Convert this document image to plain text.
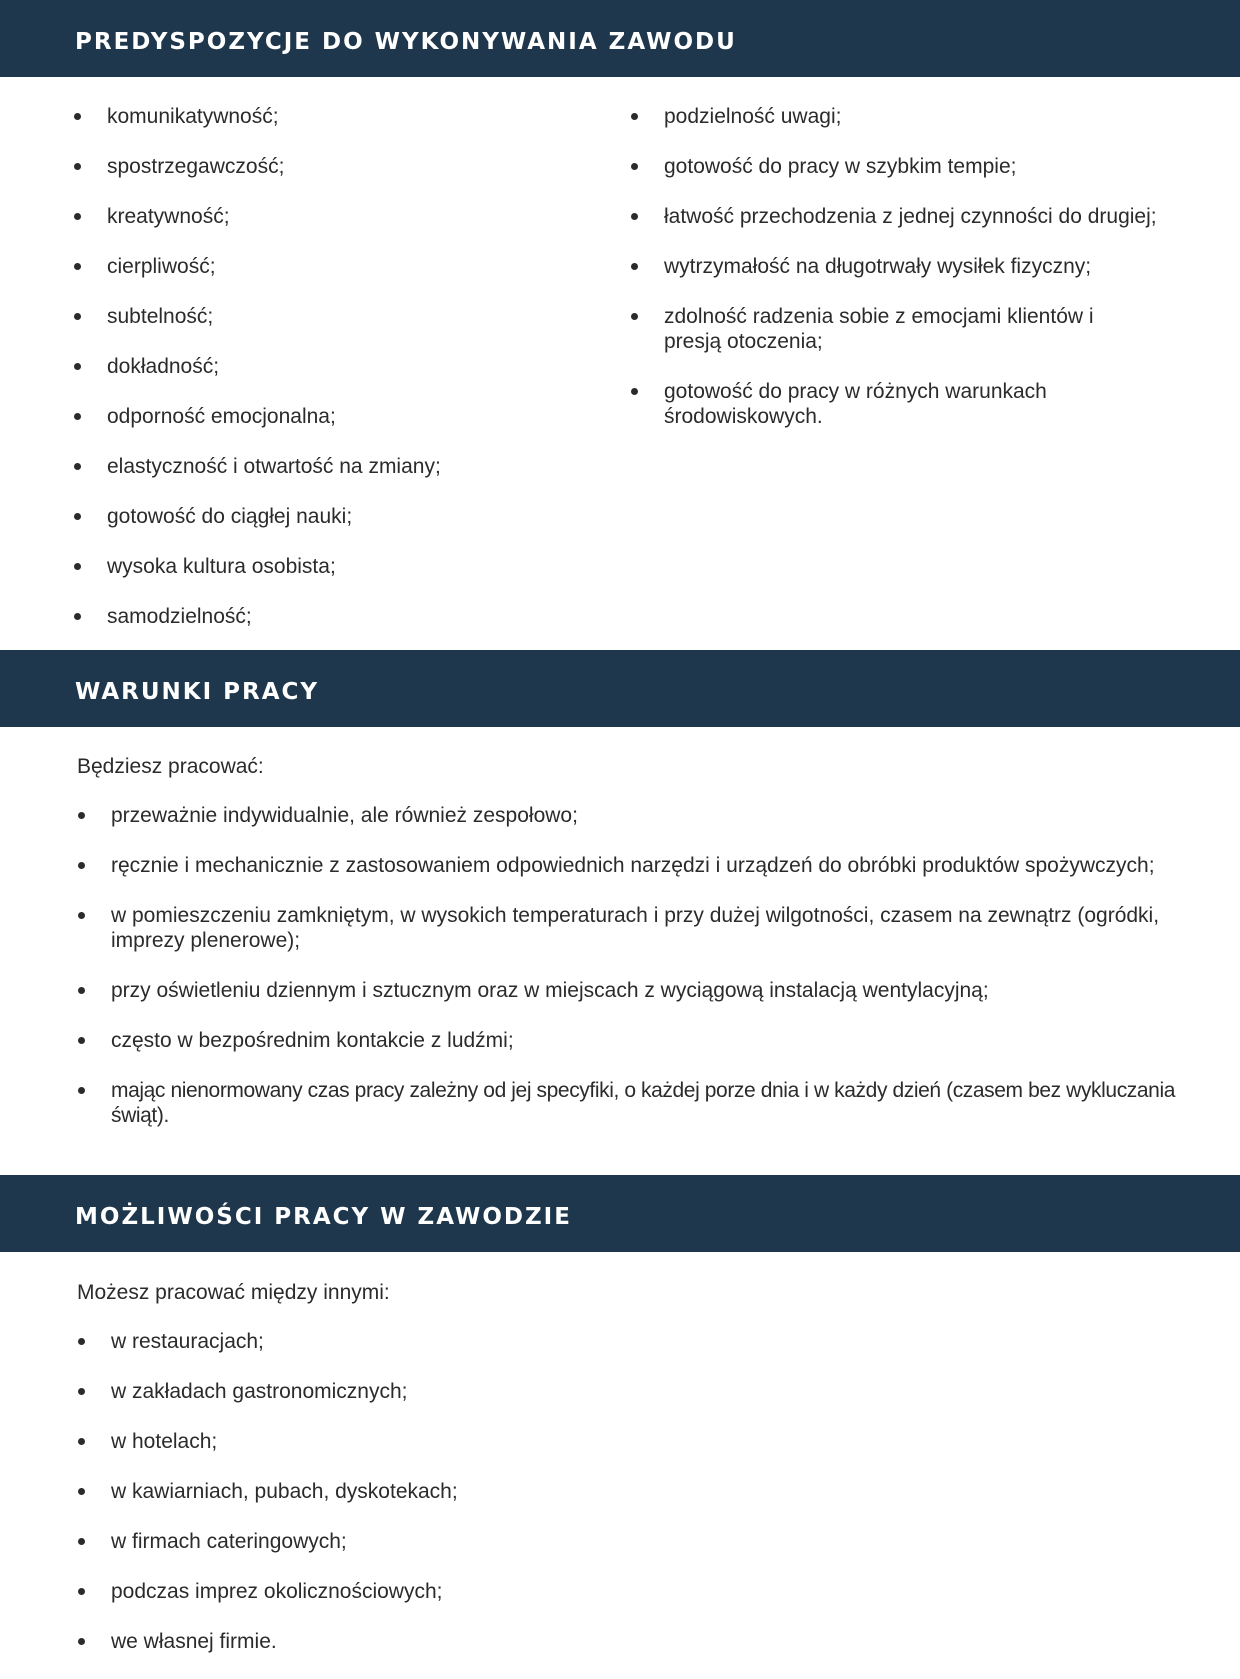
PREDYSPOZYCJE DO WYKONYWANIA ZAWODU
komunikatywność;
spostrzegawczość;
kreatywność;
cierpliwość;
subtelność;
dokładność;
odporność emocjonalna;
elastyczność i otwartość na zmiany;
gotowość do ciągłej nauki;
wysoka kultura osobista;
samodzielność;
podzielność uwagi;
gotowość do pracy w szybkim tempie;
łatwość przechodzenia z jednej czynności do drugiej;
wytrzymałość na długotrwały wysiłek fizyczny;
zdolność radzenia sobie z emocjami klientów i presją otoczenia;
gotowość do pracy w różnych warunkach środowiskowych.
WARUNKI PRACY

Będziesz pracować:

przeważnie indywidualnie, ale również zespołowo;
ręcznie i mechanicznie z zastosowaniem odpowiednich narzędzi i urządzeń do obróbki produktów spożywczych;
w pomieszczeniu zamkniętym, w wysokich temperaturach i przy dużej wilgotności, czasem na zewnątrz (ogródki, imprezy plenerowe);
przy oświetleniu dziennym i sztucznym oraz w miejscach z wyciągową instalacją wentylacyjną;
często w bezpośrednim kontakcie z ludźmi;
mając nienormowany czas pracy zależny od jej specyfiki, o każdej porze dnia i w każdy dzień (czasem bez wykluczania świąt).
MOŻLIWOŚCI PRACY W ZAWODZIE

Możesz pracować między innymi:

w restauracjach;
w zakładach gastronomicznych;
w hotelach;
w kawiarniach, pubach, dyskotekach;
w firmach cateringowych;
podczas imprez okolicznościowych;
we własnej firmie.
